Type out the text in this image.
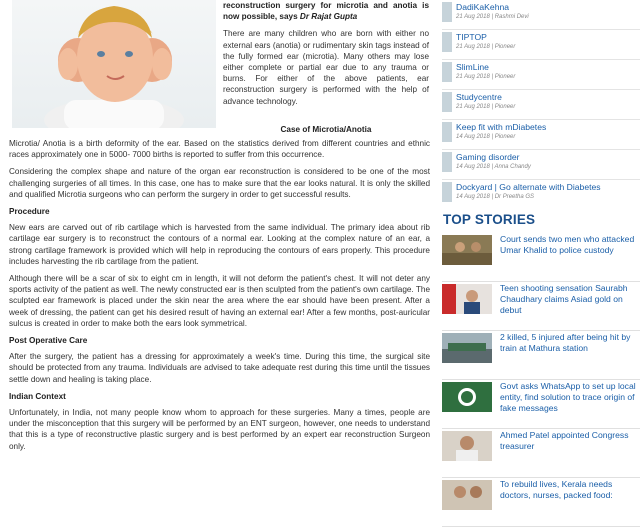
reconstruction surgery for microtia and anotia is now possible, says Dr Rajat Gupta

There are many children who are born with either no external ears (anotia) or rudimentary skin tags instead of the fully formed ear (microtia). Many others may lose either complete or partial ear due to any trauma or burns. For either of the above patients, ear reconstruction surgery is performed with the help of advance technology.

Case of Microtia/Anotia

Microtia/ Anotia is a birth deformity of the ear. Based on the statistics derived from different countries and ethnic races approximately one in 5000- 7000 births is reported to suffer from this occurrence.

Considering the complex shape and nature of the organ ear reconstruction is considered to be one of the most challenging surgeries of all times. In this case, one has to make sure that the ear looks natural. It is only the skilled and qualified Microtia surgeons who can perform the surgery in order to get successful results.

Procedure

New ears are carved out of rib cartilage which is harvested from the same individual. The primary idea about rib cartilage ear surgery is to reconstruct the contours of a normal ear. Looking at the complex nature of an ear, a strong cartilage framework is provided which will help in reproducing the contours of ears properly. This procedure includes harvesting the rib cartilage from the patient.

Although there will be a scar of six to eight cm in length, it will not deform the patient's chest. It will not deter any sports activity of the patient as well. The newly constructed ear is then sculpted from the patient's own cartilage. The sculpted ear framework is placed under the skin near the area where the ear should have been present. After a week of dressing, the patient can get his desired result of having an external ear! After a few months, post-auricular sulcus is created in order to make both the ears look symmetrical.

Post Operative Care

After the surgery, the patient has a dressing for approximately a week's time. During this time, the surgical site should be protected from any trauma. Individuals are advised to take adequate rest during this time until the tissues settle down and healing is taking place.

Indian Context

Unfortunately, in India, not many people know whom to approach for these surgeries. Many a times, people are under the misconception that this surgery will be performed by an ENT surgeon, however, one needs to understand that this is a type of reconstructive plastic surgery and is best performed by an expert ear reconstruction Surgeon only.

DadiKaKehna
21 Aug 2018 | Rashmi Devi
TIPTOP
21 Aug 2018 | Pioneer
SlimLine
21 Aug 2018 | Pioneer
Studycentre
21 Aug 2018 | Pioneer
Keep fit with mDiabetes
14 Aug 2018 | Pioneer
Gaming disorder
14 Aug 2018 | Anna Chandy
Dockyard | Go alternate with Diabetes
14 Aug 2018 | Dr Preetha GS
TOP STORIES
Court sends two men who attacked Umar Khalid to police custody
Teen shooting sensation Saurabh Chaudhary claims Asiad gold on debut
2 killed, 5 injured after being hit by train at Mathura station
Govt asks WhatsApp to set up local entity, find solution to trace origin of fake messages
Ahmed Patel appointed Congress treasurer
To rebuild lives, Kerala needs doctors, nurses, packed food:
